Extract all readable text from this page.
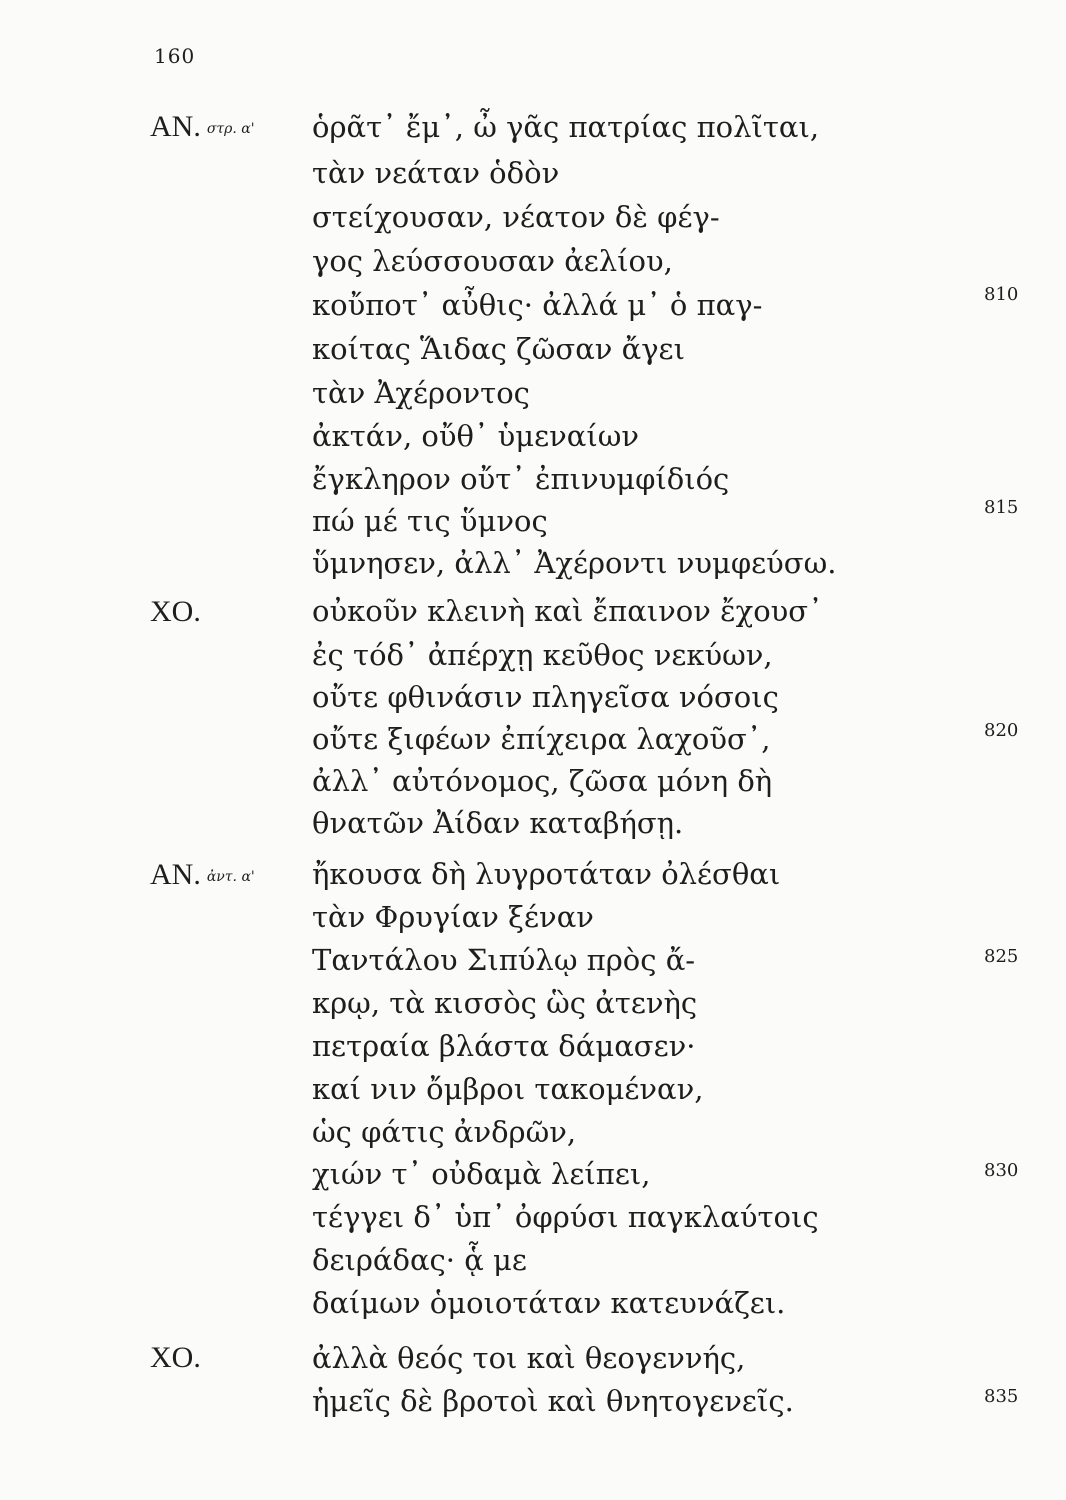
160
AN. στρ. α' ὁρᾶτ᾽ ἔμ᾽, ὦ γᾶς πατρίας πολῖται,
τὰν νεάταν ὁδὸν
στείχουσαν, νέατον δὲ φέγ-
γος λεύσσουσαν ἀελίου,
κοὔποτ᾽ αὖθις· ἀλλά μ᾽ ὁ παγ-
κοίτας Ἅιδας ζῶσαν ἄγει
τὰν Ἀχέροντος
ἀκτάν, οὔθ᾽ ὑμεναίων
ἔγκληρον οὔτ᾽ ἐπινυμφίδιός
πώ μέ τις ὕμνος
ὕμνησεν, ἀλλ᾽ Ἀχέροντι νυμφεύσω.
XO.	οὐκοῦν κλεινὴ καὶ ἔπαινον ἔχουσ᾽
ἐς τόδ᾽ ἀπέρχῃ κεῦθος νεκύων,
οὔτε φθινάσιν πληγεῖσα νόσοις
οὔτε ξιφέων ἐπίχειρα λαχοῦσ᾽,
ἀλλ᾽ αὐτόνομος, ζῶσα μόνη δὴ
θνατῶν Ἀίδαν καταβήσῃ.
AN. ἀντ. α' ἤκουσα δὴ λυγροτάταν ὀλέσθαι
τὰν Φρυγίαν ξέναν
Ταντάλου Σιπύλῳ πρὸς ἄ-
κρῳ, τὰ κισσὸς ὣς ἀτενὴς
πετραία βλάστα δάμασεν·
καί νιν ὄμβροι τακομέναν,
ὡς φάτις ἀνδρῶν,
χιών τ᾽ οὐδαμὰ λείπει,
τέγγει δ᾽ ὑπ᾽ ὀφρύσι παγκλαύτοις
δειράδας· ᾇ με
δαίμων ὁμοιοτάταν κατευνάζει.
XO.	ἀλλὰ θεός τοι καὶ θεογεννής,
ἡμεῖς δὲ βροτοὶ καὶ θνητογενεῖς.
810
815
820
825
830
835
